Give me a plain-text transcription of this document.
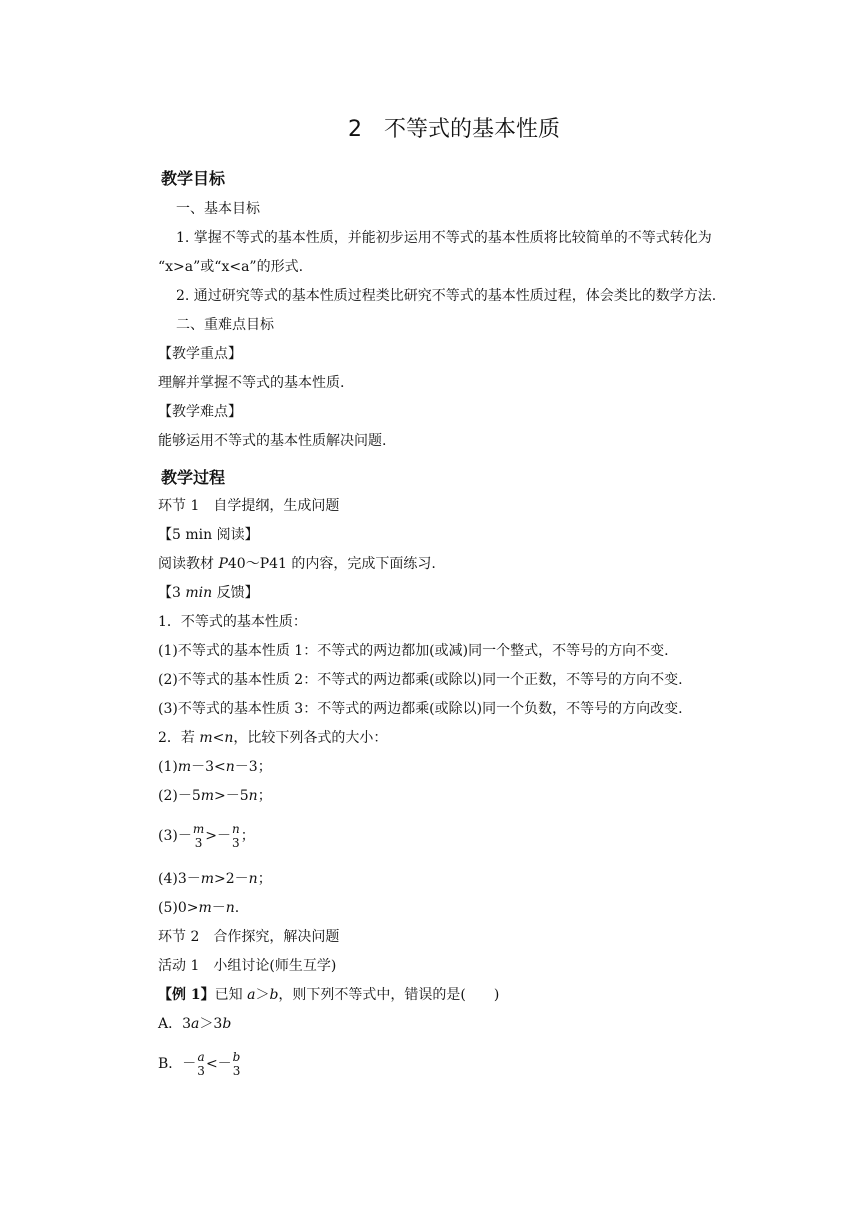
2　不等式的基本性质
教学目标
一、基本目标
1. 掌握不等式的基本性质，并能初步运用不等式的基本性质将比较简单的不等式转化为
“x>a”或“x<a”的形式.
2. 通过研究等式的基本性质过程类比研究不等式的基本性质过程，体会类比的数学方法.
二、重难点目标
【教学重点】
理解并掌握不等式的基本性质.
【教学难点】
能够运用不等式的基本性质解决问题.
教学过程
环节 1　自学提纲，生成问题
【5 min 阅读】
阅读教材 P40～P41 的内容，完成下面练习.
【3 min 反馈】
1．不等式的基本性质：
(1)不等式的基本性质 1：不等式的两边都加(或减)同一个整式，不等号的方向不变.
(2)不等式的基本性质 2：不等式的两边都乘(或除以)同一个正数，不等号的方向不变.
(3)不等式的基本性质 3：不等式的两边都乘(或除以)同一个负数，不等号的方向改变.
2．若 m<n，比较下列各式的大小：
(1)m－3<n－3；
(2)－5m>－5n；
(3)－ m
3 >－ n
3 ；
(4)3－m>2－n；
(5)0>m－n.
环节 2　合作探究，解决问题
活动 1　小组讨论(师生互学)
【例 1】已知 a＞b，则下列不等式中，错误的是(　　)
A．3a＞3b
B．－ a
3 <－ b
3
